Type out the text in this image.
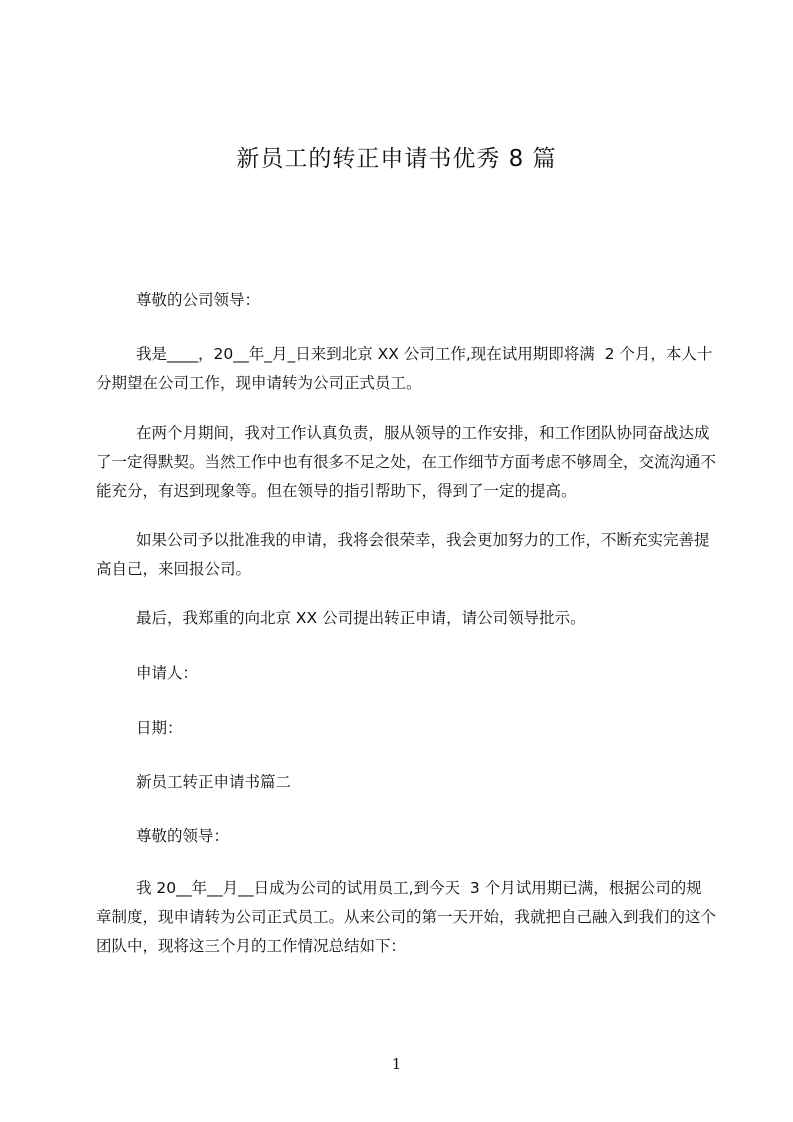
新员工的转正申请书优秀 8 篇

尊敬的公司领导：

我是____，20__年_月_日来到北京 XX 公司工作,现在试用期即将满  2 个月，本人十分期望在公司工作，现申请转为公司正式员工。

在两个月期间，我对工作认真负责，服从领导的工作安排，和工作团队协同奋战达成了一定得默契。当然工作中也有很多不足之处，在工作细节方面考虑不够周全，交流沟通不能充分，有迟到现象等。但在领导的指引帮助下，得到了一定的提高。

如果公司予以批准我的申请，我将会很荣幸，我会更加努力的工作，不断充实完善提高自己，来回报公司。

最后，我郑重的向北京 XX 公司提出转正申请，请公司领导批示。

申请人：

日期：

新员工转正申请书篇二

尊敬的领导：

我 20__年__月__日成为公司的试用员工,到今天  3 个月试用期已满，根据公司的规章制度，现申请转为公司正式员工。从来公司的第一天开始，我就把自己融入到我们的这个团队中，现将这三个月的工作情况总结如下：

1
